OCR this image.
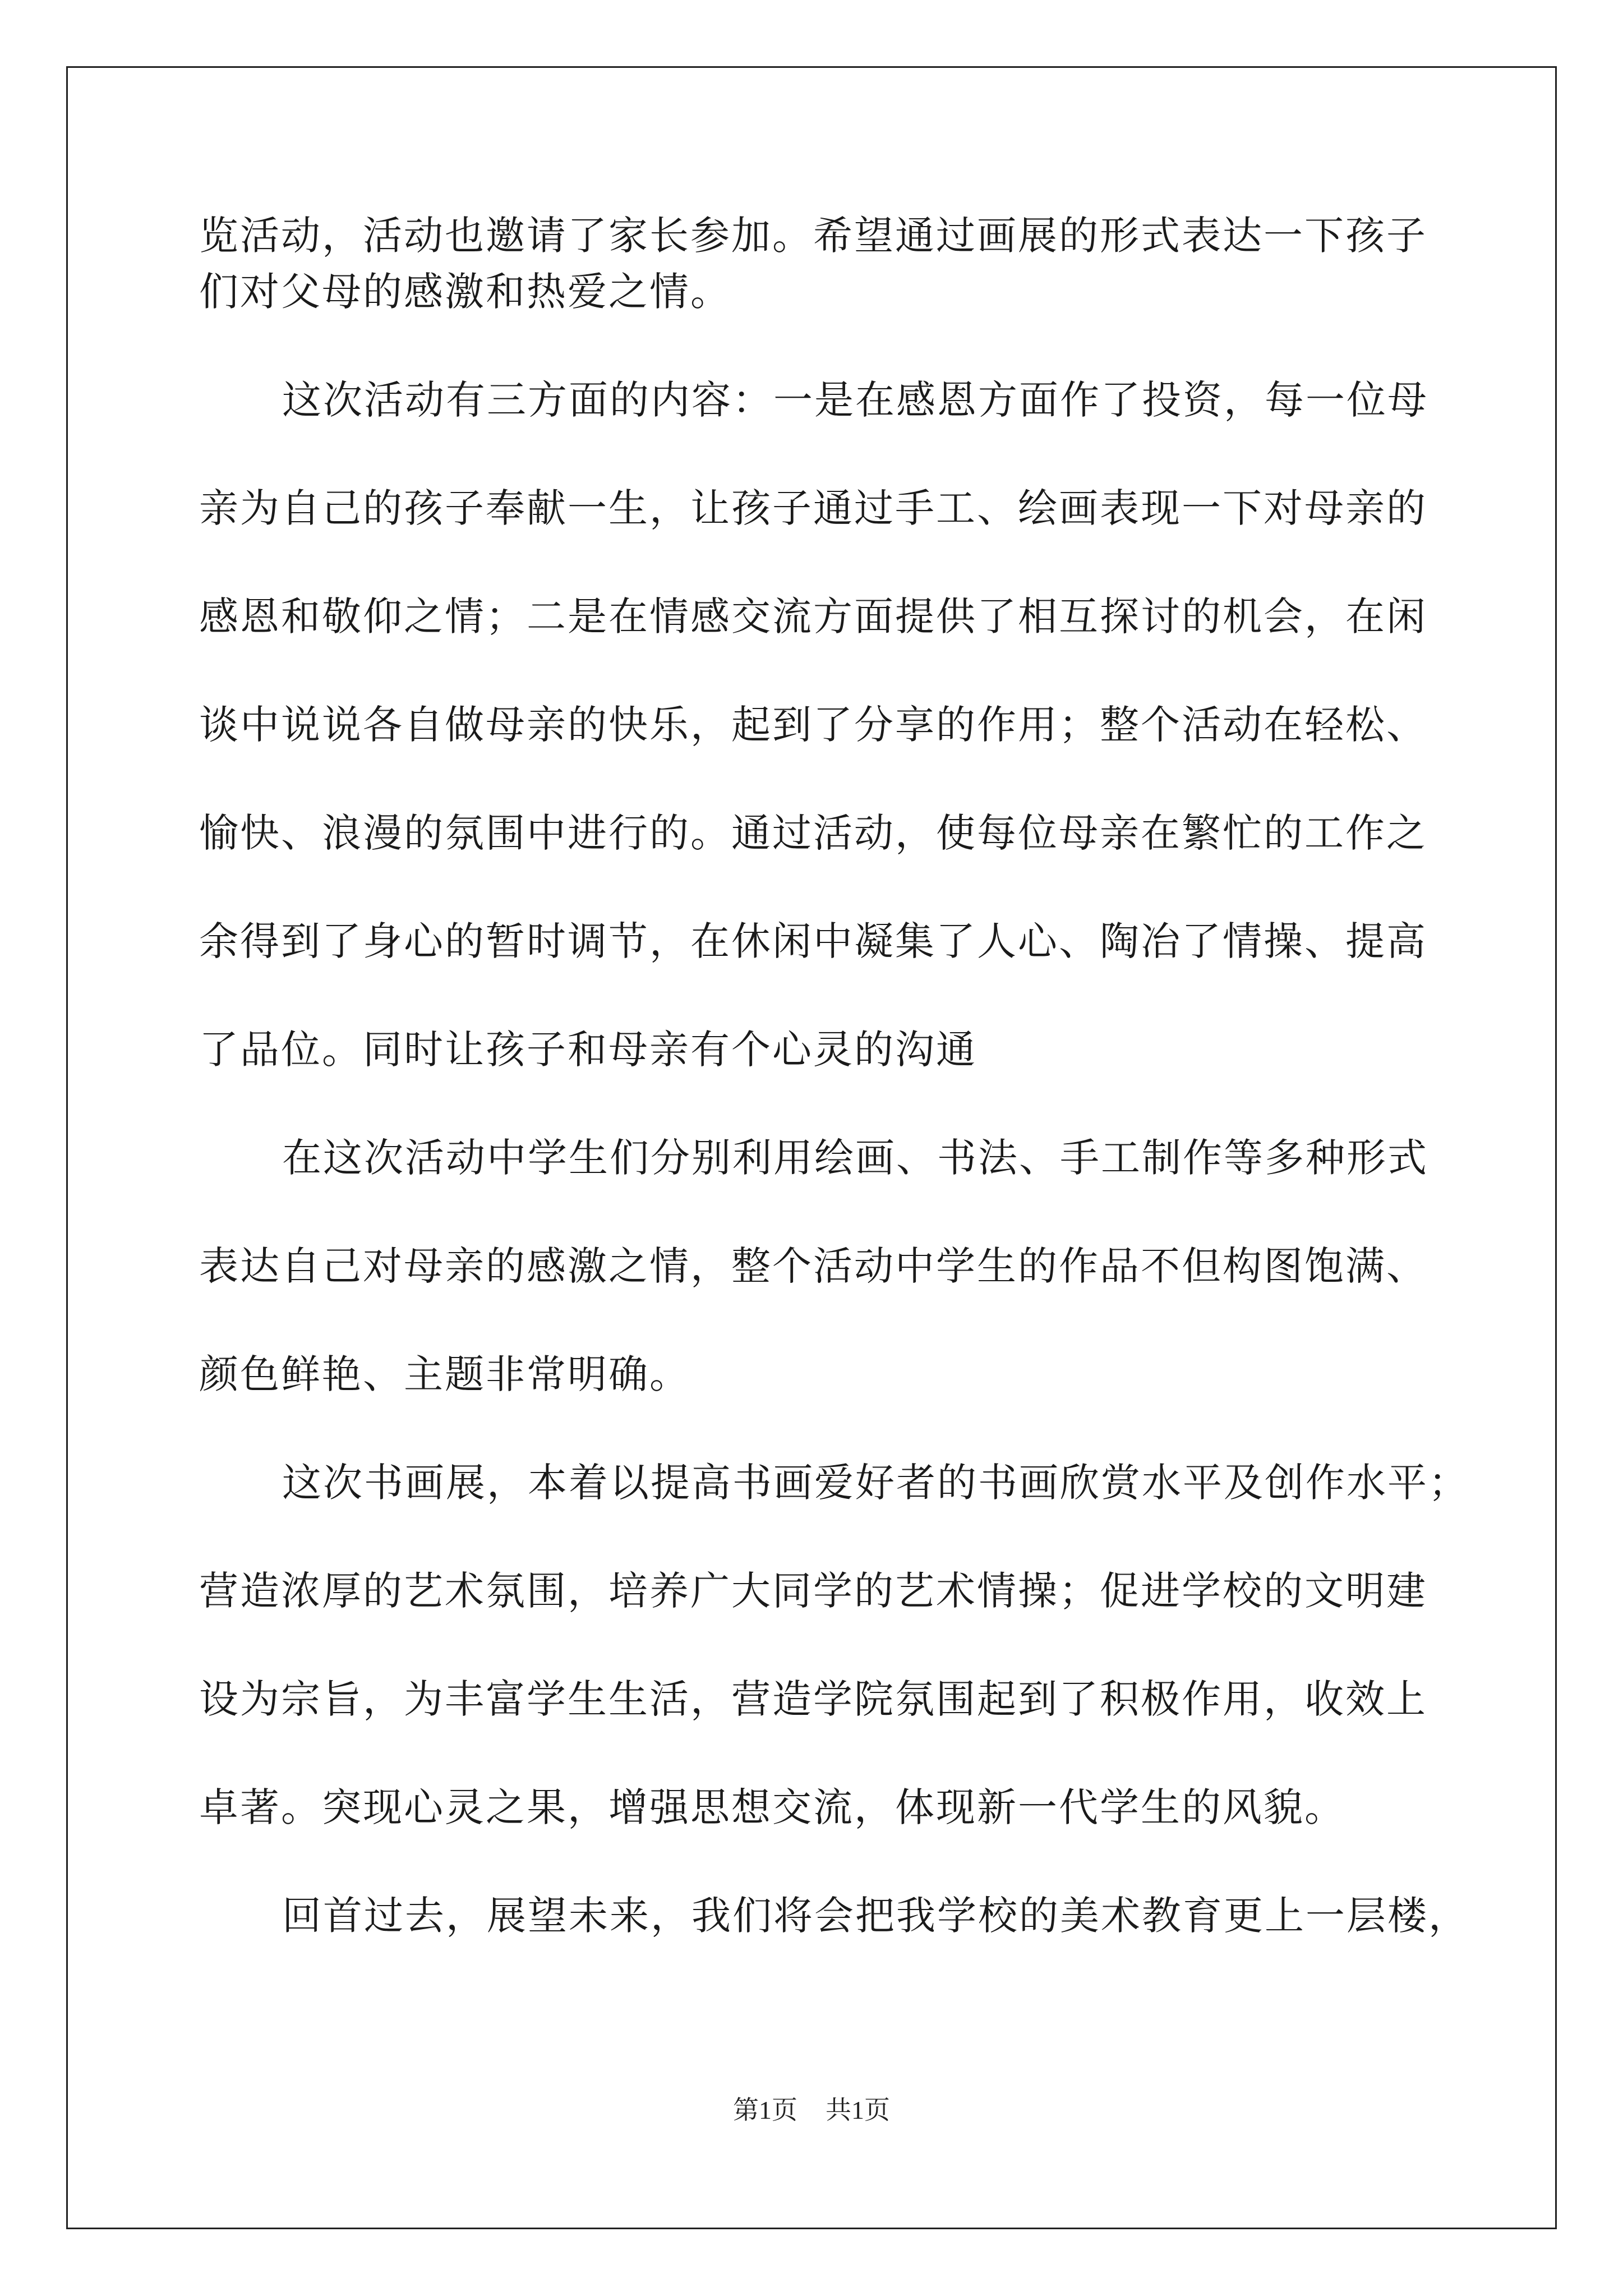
览活动，活动也邀请了家长参加。希望通过画展的形式表达一下孩子

们对父母的感激和热爱之情。

这次活动有三方面的内容：一是在感恩方面作了投资，每一位母

亲为自己的孩子奉献一生，让孩子通过手工、绘画表现一下对母亲的

感恩和敬仰之情；二是在情感交流方面提供了相互探讨的机会，在闲

谈中说说各自做母亲的快乐，起到了分享的作用；整个活动在轻松、

愉快、浪漫的氛围中进行的。通过活动，使每位母亲在繁忙的工作之

余得到了身心的暂时调节，在休闲中凝集了人心、陶冶了情操、提高

了品位。同时让孩子和母亲有个心灵的沟通

在这次活动中学生们分别利用绘画、书法、手工制作等多种形式

表达自己对母亲的感激之情，整个活动中学生的作品不但构图饱满、

颜色鲜艳、主题非常明确。

这次书画展，本着以提高书画爱好者的书画欣赏水平及创作水平；

营造浓厚的艺术氛围，培养广大同学的艺术情操；促进学校的文明建

设为宗旨，为丰富学生生活，营造学院氛围起到了积极作用，收效上

卓著。突现心灵之果，增强思想交流，体现新一代学生的风貌。

回首过去，展望未来，我们将会把我学校的美术教育更上一层楼，

第1页 共1页
